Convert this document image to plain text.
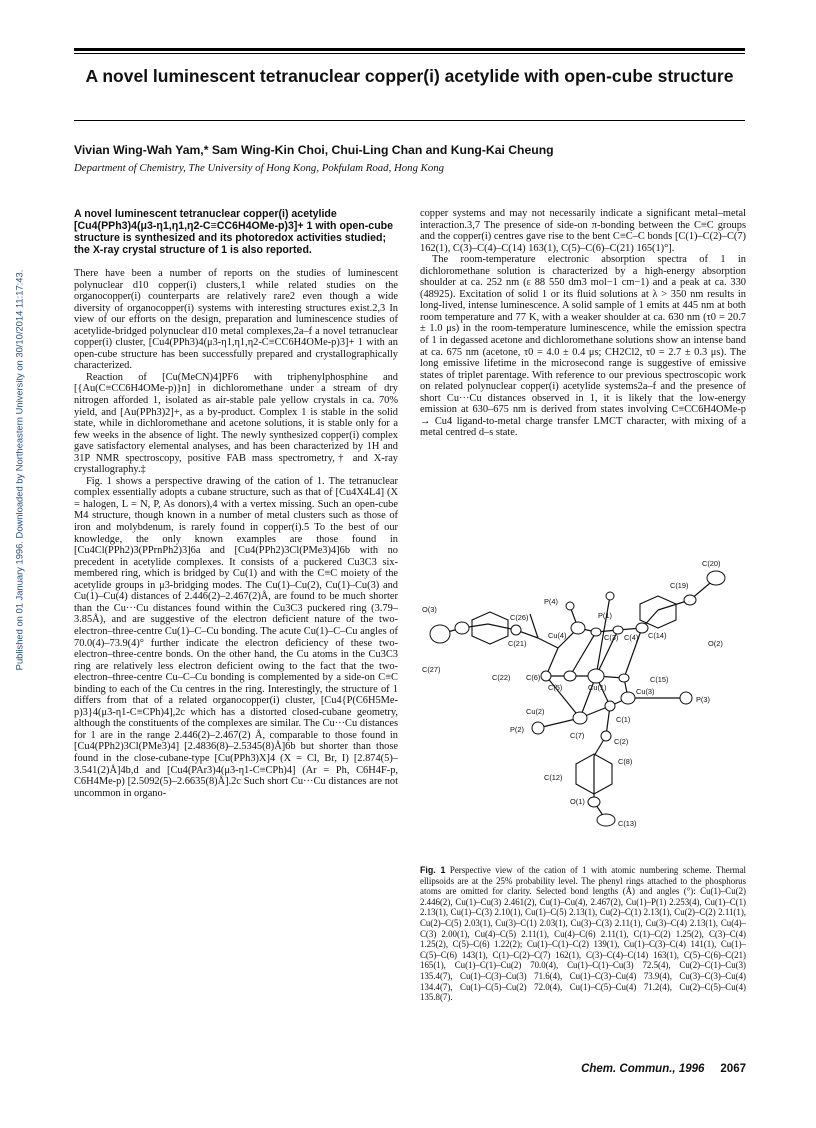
A novel luminescent tetranuclear copper(i) acetylide with open-cube structure
Vivian Wing-Wah Yam,* Sam Wing-Kin Choi, Chui-Ling Chan and Kung-Kai Cheung
Department of Chemistry, The University of Hong Kong, Pokfulam Road, Hong Kong
Published on 01 January 1996. Downloaded by Northeastern University on 30/10/2014 11:17:43.

A novel luminescent tetranuclear copper(i) acetylide [Cu4(PPh3)4(μ3-η1,η1,η2-C≡CC6H4OMe-p)3]+ 1 with open-cube structure is synthesized and its photoredox activities studied; the X-ray crystal structure of 1 is also reported.

There have been a number of reports on the studies of luminescent polynuclear d10 copper(i) clusters,1 while related studies on the organocopper(i) counterparts are relatively rare2 even though a wide diversity of organocopper(i) systems with interesting structures exist.2,3 In view of our efforts on the design, preparation and luminescence studies of acetylide-bridged polynuclear d10 metal complexes,2a–f a novel tetranuclear copper(i) cluster, [Cu4(PPh3)4(μ3-η1,η1,η2-C≡CC6H4OMe-p)3]+ 1 with an open-cube structure has been successfully prepared and crystallographically characterized.

Reaction of [Cu(MeCN)4]PF6 with triphenylphosphine and [{Au(C≡CC6H4OMe-p)}n] in dichloromethane under a stream of dry nitrogen afforded 1, isolated as air-stable pale yellow crystals in ca. 70% yield, and [Au(PPh3)2]+, as a by-product. Complex 1 is stable in the solid state, while in dichloromethane and acetone solutions, it is stable only for a few weeks in the absence of light. The newly synthesized copper(i) complex gave satisfactory elemental analyses, and has been characterized by 1H and 31P NMR spectroscopy, positive FAB mass spectrometry,† and X-ray crystallography.‡

Fig. 1 shows a perspective drawing of the cation of 1. The tetranuclear complex essentially adopts a cubane structure, such as that of [Cu4X4L4] (X = halogen, L = N, P, As donors),4 with a vertex missing. Such an open-cube M4 structure, though known in a number of metal clusters such as those of iron and molybdenum, is rarely found in copper(i).5 To the best of our knowledge, the only known examples are those found in [Cu4Cl(PPh2)3(PPrnPh2)3]6a and [Cu4(PPh2)3Cl(PMe3)4]6b with no precedent in acetylide complexes. It consists of a puckered Cu3C3 six-membered ring, which is bridged by Cu(1) and with the C≡C moiety of the acetylide groups in μ3-bridging modes. The Cu(1)–Cu(2), Cu(1)–Cu(3) and Cu(1)–Cu(4) distances of 2.446(2)–2.467(2)Å, are found to be much shorter than the Cu···Cu distances found within the Cu3C3 puckered ring (3.79–3.85Å), and are suggestive of the electron deficient nature of the two-electron–three-centre Cu(1)–C–Cu bonding. The acute Cu(1)–C–Cu angles of 70.0(4)–73.9(4)° further indicate the electron deficiency of these two-electron–three-centre bonds. On the other hand, the Cu atoms in the Cu3C3 ring are relatively less electron deficient owing to the fact that the two-electron–three-centre Cu–C–Cu bonding is complemented by a side-on C≡C binding to each of the Cu centres in the ring. Interestingly, the structure of 1 differs from that of a related organocopper(i) cluster, [Cu4{P(C6H5Me-p)3}4(μ3-η1-C≡CPh)4],2c which has a distorted closed-cubane geometry, although the constituents of the complexes are similar. The Cu···Cu distances for 1 are in the range 2.446(2)–2.467(2) Å, comparable to those found in [Cu4(PPh2)3Cl(PMe3)4] [2.4836(8)–2.5345(8)Å]6b but shorter than those found in the close-cubane-type [Cu(PPh3)X]4 (X = Cl, Br, I) [2.874(5)–3.541(2)Å]4b,d and [Cu4(PAr3)4(μ3-η1-C≡CPh)4] (Ar = Ph, C6H4F-p, C6H4Me-p) [2.5092(5)–2.6635(8)Å].2c Such short Cu···Cu distances are not uncommon in organo-

copper systems and may not necessarily indicate a significant metal–metal interaction.3,7 The presence of side-on π-bonding between the C≡C groups and the copper(i) centres gave rise to the bent C≡C–C bonds [C(1)–C(2)–C(7) 162(1), C(3)–C(4)–C(14) 163(1), C(5)–C(6)–C(21) 165(1)°].

The room-temperature electronic absorption spectra of 1 in dichloromethane solution is characterized by a high-energy absorption shoulder at ca. 252 nm (ε 88 550 dm3 mol−1 cm−1) and a peak at ca. 330 (48925). Excitation of solid 1 or its fluid solutions at λ > 350 nm results in long-lived, intense luminescence. A solid sample of 1 emits at 445 nm at both room temperature and 77 K, with a weaker shoulder at ca. 630 nm (τ0 = 20.7 ± 1.0 μs) in the room-temperature luminescence, while the emission spectra of 1 in degassed acetone and dichloromethane solutions show an intense band at ca. 675 nm (acetone, τ0 = 4.0 ± 0.4 μs; CH2Cl2, τ0 = 2.7 ± 0.3 μs). The long emissive lifetime in the microsecond range is suggestive of emissive states of triplet parentage. With reference to our previous spectroscopic work on related polynuclear copper(i) acetylide systems2a–f and the presence of short Cu···Cu distances observed in 1, it is likely that the low-energy emission at 630–675 nm is derived from states involving C≡CC6H4OMe-p → Cu4 ligand-to-metal charge transfer LMCT character, with mixing of a metal centred d–s state.

C(20)
C(19)
P(4)
P(1)
O(3)
C(26)
C(21)
Cu(4)	C(3) C(4) C(14)
O(2)
C(27)
C(22) C(6)
C(5)	Cu(1)
C(15)
Cu(3)
Cu(2)
C(1)
P(3)
P(2)
C(2)
C(7)
C(8)
C(12)
O(1)
C(13)
Fig. 1 Perspective view of the cation of 1 with atomic numbering scheme. Thermal ellipsoids are at the 25% probability level. The phenyl rings attached to the phosphorus atoms are omitted for clarity. Selected bond lengths (Å) and angles (°): Cu(1)–Cu(2) 2.446(2), Cu(1)–Cu(3) 2.461(2), Cu(1)–Cu(4), 2.467(2), Cu(1)–P(1) 2.253(4), Cu(1)–C(1) 2.13(1), Cu(1)–C(3) 2.10(1), Cu(1)–C(5) 2.13(1), Cu(2)–C(1) 2.13(1), Cu(2)–C(2) 2.11(1), Cu(2)–C(5) 2.03(1), Cu(3)–C(1) 2.03(1), Cu(3)–C(3) 2.11(1), Cu(3)–C(4) 2.13(1), Cu(4)–C(3) 2.00(1), Cu(4)–C(5) 2.11(1), Cu(4)–C(6) 2.11(1), C(1)–C(2) 1.25(2), C(3)–C(4) 1.25(2), C(5)–C(6) 1.22(2); Cu(1)–C(1)–C(2) 139(1), Cu(1)–C(3)–C(4) 141(1), Cu(1)–C(5)–C(6) 143(1), C(1)–C(2)–C(7) 162(1), C(3)–C(4)–C(14) 163(1), C(5)–C(6)–C(21) 165(1), Cu(1)–C(1)–Cu(2) 70.0(4), Cu(1)–C(1)–Cu(3) 72.5(4), Cu(2)–C(1)–Cu(3) 135.4(7), Cu(1)–C(3)–Cu(3) 71.6(4), Cu(1)–C(3)–Cu(4) 73.9(4), Cu(3)–C(3)–Cu(4) 134.4(7), Cu(1)–C(5)–Cu(2) 72.0(4), Cu(1)–C(5)–Cu(4) 71.2(4), Cu(2)–C(5)–Cu(4) 135.8(7).
Chem. Commun., 1996 2067
